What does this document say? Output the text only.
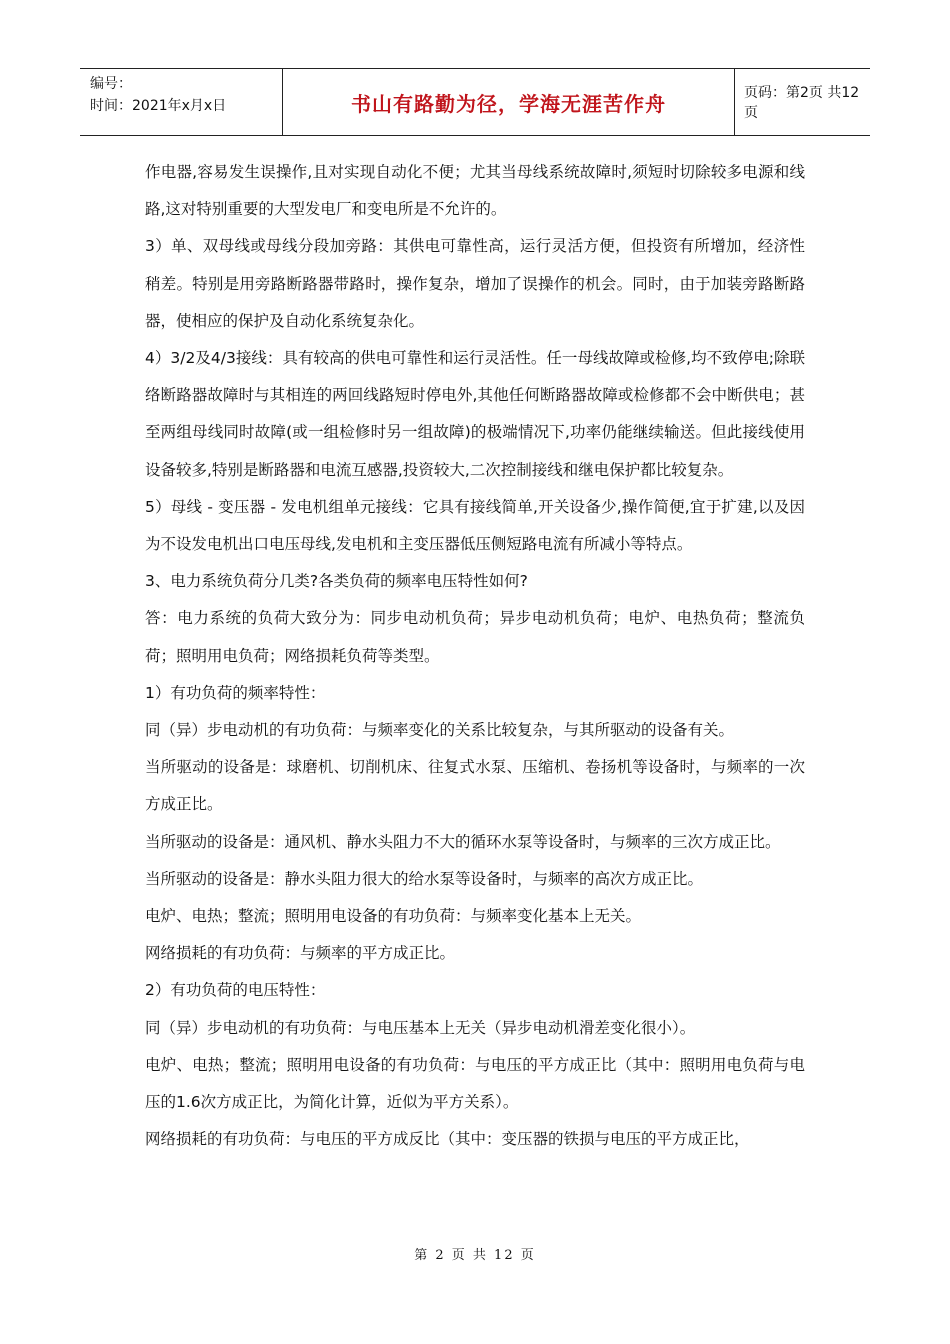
编号：
时间：2021年x月x日	书山有路勤为径，学海无涯苦作舟	页码：第2页 共12页

作电器,容易发生误操作,且对实现自动化不便；尤其当母线系统故障时,须短时切除较多电源和线路,这对特别重要的大型发电厂和变电所是不允许的。

3）单、双母线或母线分段加旁路：其供电可靠性高，运行灵活方便，但投资有所增加，经济性稍差。特别是用旁路断路器带路时，操作复杂，增加了误操作的机会。同时，由于加装旁路断路器，使相应的保护及自动化系统复杂化。

4）3/2及4/3接线：具有较高的供电可靠性和运行灵活性。任一母线故障或检修,均不致停电;除联络断路器故障时与其相连的两回线路短时停电外,其他任何断路器故障或检修都不会中断供电；甚至两组母线同时故障(或一组检修时另一组故障)的极端情况下,功率仍能继续输送。但此接线使用设备较多,特别是断路器和电流互感器,投资较大,二次控制接线和继电保护都比较复杂。

5）母线 - 变压器 - 发电机组单元接线：它具有接线简单,开关设备少,操作简便,宜于扩建,以及因为不设发电机出口电压母线,发电机和主变压器低压侧短路电流有所减小等特点。

3、电力系统负荷分几类?各类负荷的频率电压特性如何?

答：电力系统的负荷大致分为：同步电动机负荷；异步电动机负荷；电炉、电热负荷；整流负荷；照明用电负荷；网络损耗负荷等类型。

1）有功负荷的频率特性：

同（异）步电动机的有功负荷：与频率变化的关系比较复杂，与其所驱动的设备有关。

当所驱动的设备是：球磨机、切削机床、往复式水泵、压缩机、卷扬机等设备时，与频率的一次方成正比。

当所驱动的设备是：通风机、静水头阻力不大的循环水泵等设备时，与频率的三次方成正比。

当所驱动的设备是：静水头阻力很大的给水泵等设备时，与频率的高次方成正比。

电炉、电热；整流；照明用电设备的有功负荷：与频率变化基本上无关。

网络损耗的有功负荷：与频率的平方成正比。

2）有功负荷的电压特性：

同（异）步电动机的有功负荷：与电压基本上无关（异步电动机滑差变化很小）。

电炉、电热；整流；照明用电设备的有功负荷：与电压的平方成正比（其中：照明用电负荷与电压的1.6次方成正比，为简化计算，近似为平方关系）。

网络损耗的有功负荷：与电压的平方成反比（其中：变压器的铁损与电压的平方成正比，

第 2 页 共 12 页
